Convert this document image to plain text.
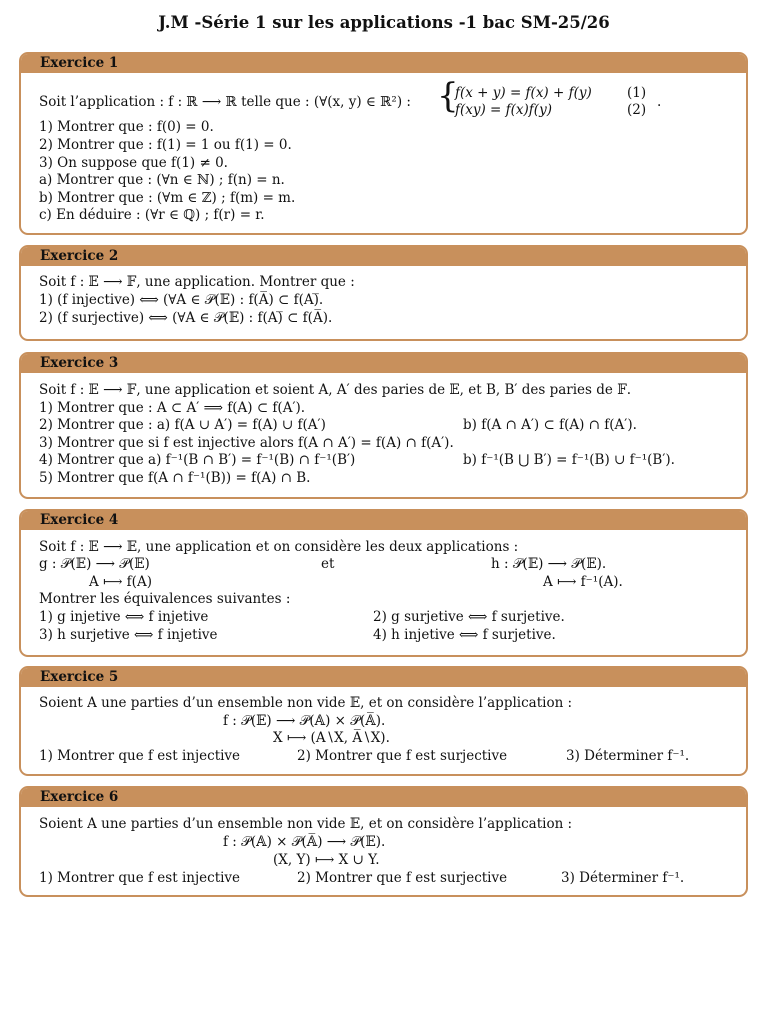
J.M -Série 1 sur les applications -1 bac SM-25/26
Exercice 1
Soit l’application : f : ℝ ⟶ ℝ telle que : (∀(x, y) ∈ ℝ²) : {
f(x + y) = f(x) + f(y)	(1)
f(xy) = f(x)f(y)	(2) .
1) Montrer que : f(0) = 0.
2) Montrer que : f(1) = 1 ou f(1) = 0.
3) On suppose que f(1) ≠ 0.
a) Montrer que : (∀n ∈ ℕ) ; f(n) = n.
b) Montrer que : (∀m ∈ ℤ) ; f(m) = m.
c) En déduire : (∀r ∈ ℚ) ; f(r) = r.
Exercice 2
Soit f : 𝔼 ⟶ 𝔽, une application. Montrer que :
1) (f injective) ⟺ (∀A ∈ 𝒫(𝔼) : f(A̅) ⊂ f(A)̅.
2) (f surjective) ⟺ (∀A ∈ 𝒫(𝔼) : f(A)̅ ⊂ f(A̅).
Exercice 3
Soit f : 𝔼 ⟶ 𝔽, une application et soient A, A′ des paries de 𝔼, et B, B′ des paries de 𝔽.
1) Montrer que : A ⊂ A′ ⟹ f(A) ⊂ f(A′).
2) Montrer que : a) f(A ∪ A′) = f(A) ∪ f(A′)	b) f(A ∩ A′) ⊂ f(A) ∩ f(A′).
3) Montrer que si f est injective alors f(A ∩ A′) = f(A) ∩ f(A′).
4) Montrer que a) f⁻¹(B ∩ B′) = f⁻¹(B) ∩ f⁻¹(B′)	b) f⁻¹(B ⋃ B′) = f⁻¹(B) ∪ f⁻¹(B′).
5) Montrer que f(A ∩ f⁻¹(B)) = f(A) ∩ B.
Exercice 4
Soit f : 𝔼 ⟶ 𝔼, une application et on considère les deux applications :
g : 𝒫(𝔼) ⟶ 𝒫(𝔼)	et	h : 𝒫(𝔼) ⟶ 𝒫(𝔼).
A ⟼ f(A)	A ⟼ f⁻¹(A).
Montrer les équivalences suivantes :
1) g injetive ⟺ f injetive	2) g surjetive ⟺ f surjetive.
3) h surjetive ⟺ f injetive	4) h injetive ⟺ f surjetive.
Exercice 5
Soient A une parties d’un ensemble non vide 𝔼, et on considère l’application :
f : 𝒫(𝔼) ⟶ 𝒫(𝔸) × 𝒫(𝔸̅).
X ⟼ (A∖X, A̅∖X).
1) Montrer que f est injective	2) Montrer que f est surjective	3) Déterminer f⁻¹.
Exercice 6
Soient A une parties d’un ensemble non vide 𝔼, et on considère l’application :
f : 𝒫(𝔸) × 𝒫(𝔸̅) ⟶ 𝒫(𝔼).
(X, Y) ⟼ X ∪ Y.
1) Montrer que f est injective	2) Montrer que f est surjective	3) Déterminer f⁻¹.
